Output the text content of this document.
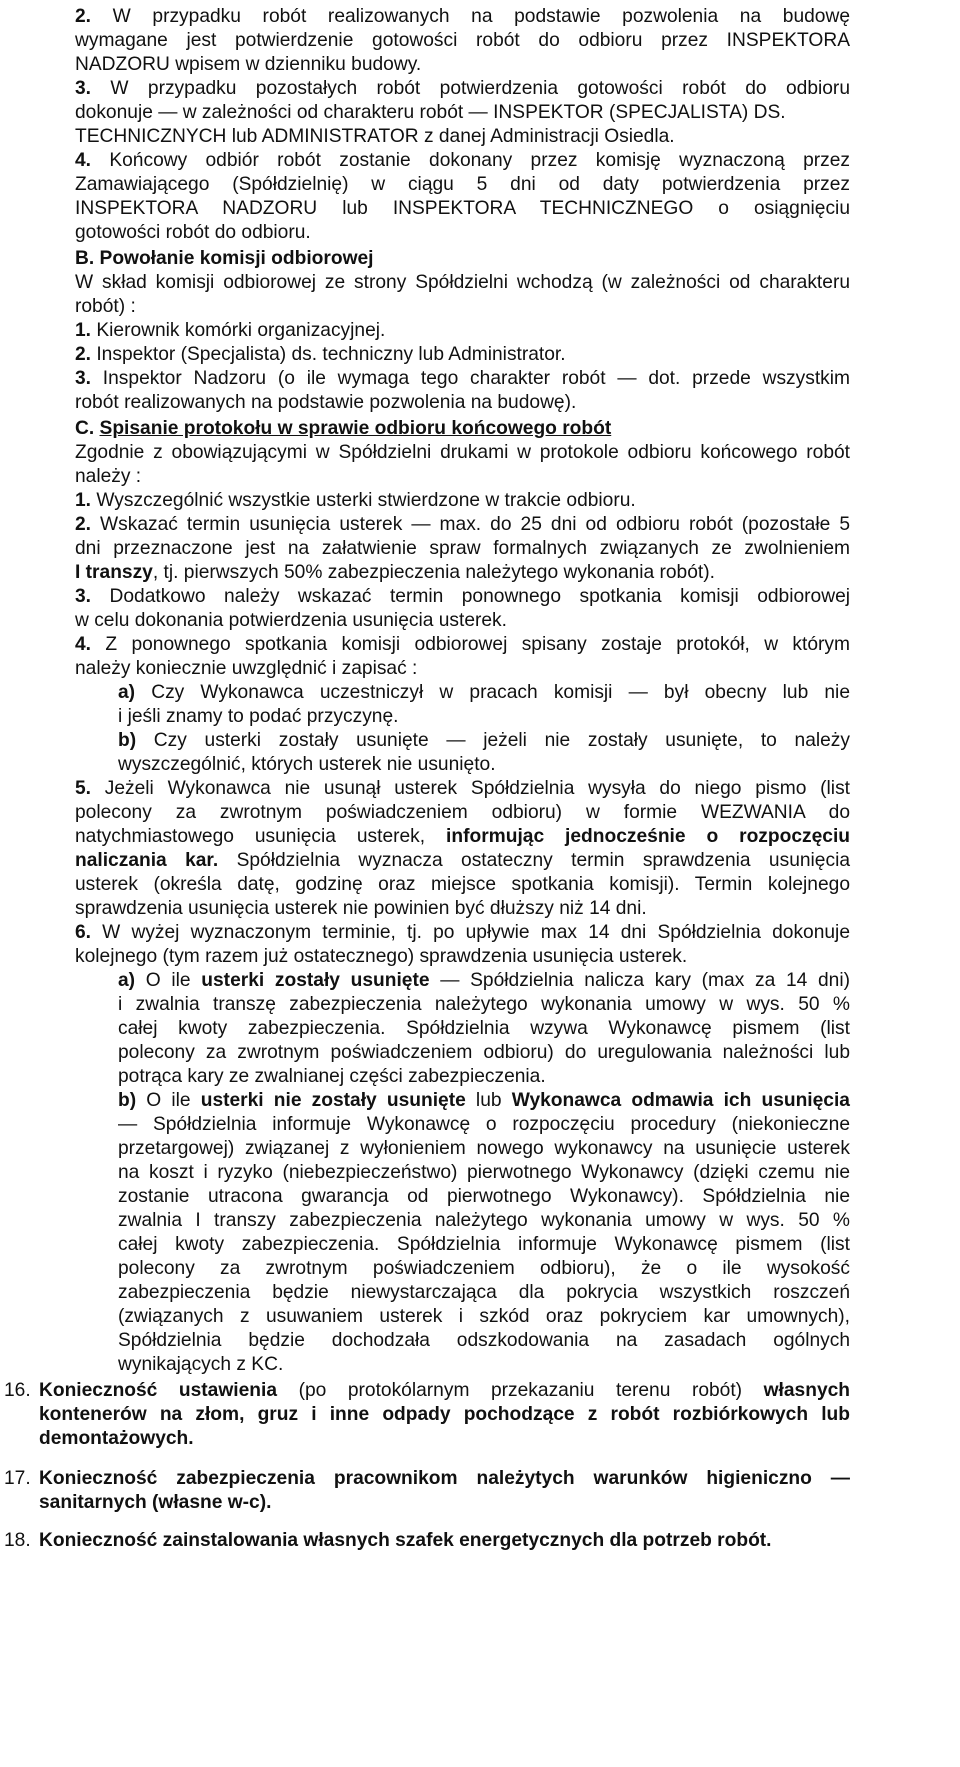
2. W przypadku robót realizowanych na podstawie pozwolenia na budowę

wymagane jest potwierdzenie gotowości robót do odbioru przez INSPEKTORA

NADZORU wpisem w dzienniku budowy.

3. W przypadku pozostałych robót potwierdzenia gotowości robót do odbioru

dokonuje — w zależności od charakteru robót — INSPEKTOR (SPECJALISTA) DS.

TECHNICZNYCH lub ADMINISTRATOR z danej Administracji Osiedla.

4. Końcowy odbiór robót zostanie dokonany przez komisję wyznaczoną przez

Zamawiającego (Spółdzielnię) w ciągu 5 dni od daty potwierdzenia przez

INSPEKTORA NADZORU lub INSPEKTORA TECHNICZNEGO o osiągnięciu

gotowości robót do odbioru.

B. Powołanie komisji odbiorowej

W skład komisji odbiorowej ze strony Spółdzielni wchodzą (w zależności od charakteru

robót) :

1. Kierownik komórki organizacyjnej.

2. Inspektor (Specjalista) ds. techniczny lub Administrator.

3. Inspektor Nadzoru (o ile wymaga tego charakter robót — dot. przede wszystkim

robót realizowanych na podstawie pozwolenia na budowę).

C. Spisanie protokołu w sprawie odbioru końcowego robót

Zgodnie z obowiązującymi w Spółdzielni drukami w protokole odbioru końcowego robót

należy :

1. Wyszczególnić wszystkie usterki stwierdzone w trakcie odbioru.

2. Wskazać termin usunięcia usterek — max. do 25 dni od odbioru robót (pozostałe 5

dni przeznaczone jest na załatwienie spraw formalnych związanych ze zwolnieniem

I transzy, tj. pierwszych 50% zabezpieczenia należytego wykonania robót).

3. Dodatkowo należy wskazać termin ponownego spotkania komisji odbiorowej

w celu dokonania potwierdzenia usunięcia usterek.

4. Z ponownego spotkania komisji odbiorowej spisany zostaje protokół, w którym

należy koniecznie uwzględnić i zapisać :

a) Czy Wykonawca uczestniczył w pracach komisji — był obecny lub nie

i jeśli znamy to podać przyczynę.

b) Czy usterki zostały usunięte — jeżeli nie zostały usunięte, to należy

wyszczególnić, których usterek nie usunięto.

5. Jeżeli Wykonawca nie usunął usterek Spółdzielnia wysyła do niego pismo (list

polecony za zwrotnym poświadczeniem odbioru) w formie WEZWANIA do

natychmiastowego usunięcia usterek, informując jednocześnie o rozpoczęciu

naliczania kar. Spółdzielnia wyznacza ostateczny termin sprawdzenia usunięcia

usterek (określa datę, godzinę oraz miejsce spotkania komisji). Termin kolejnego

sprawdzenia usunięcia usterek nie powinien być dłuższy niż 14 dni.

6. W wyżej wyznaczonym terminie, tj. po upływie max 14 dni Spółdzielnia dokonuje

kolejnego (tym razem już ostatecznego) sprawdzenia usunięcia usterek.

a) O ile usterki zostały usunięte — Spółdzielnia nalicza kary (max za 14 dni)

i zwalnia transzę zabezpieczenia należytego wykonania umowy w wys. 50 %

całej kwoty zabezpieczenia. Spółdzielnia wzywa Wykonawcę pismem (list

polecony za zwrotnym poświadczeniem odbioru) do uregulowania należności lub

potrąca kary ze zwalnianej części zabezpieczenia.

b) O ile usterki nie zostały usunięte lub Wykonawca odmawia ich usunięcia

— Spółdzielnia informuje Wykonawcę o rozpoczęciu procedury (niekonieczne

przetargowej) związanej z wyłonieniem nowego wykonawcy na usunięcie usterek

na koszt i ryzyko (niebezpieczeństwo) pierwotnego Wykonawcy (dzięki czemu nie

zostanie utracona gwarancja od pierwotnego Wykonawcy). Spółdzielnia nie

zwalnia I transzy zabezpieczenia należytego wykonania umowy w wys. 50 %

całej kwoty zabezpieczenia. Spółdzielnia informuje Wykonawcę pismem (list

polecony za zwrotnym poświadczeniem odbioru), że o ile wysokość

zabezpieczenia będzie niewystarczająca dla pokrycia wszystkich roszczeń

(związanych z usuwaniem usterek i szkód oraz pokryciem kar umownych),

Spółdzielnia będzie dochodzała odszkodowania na zasadach ogólnych

wynikających z KC.

16. Konieczność ustawienia (po protokólarnym przekazaniu terenu robót) własnych

kontenerów na złom, gruz i inne odpady pochodzące z robót rozbiórkowych lub

demontażowych.

17. Konieczność zabezpieczenia pracownikom należytych warunków higieniczno —

sanitarnych (własne w-c).

18. Konieczność zainstalowania własnych szafek energetycznych dla potrzeb robót.
